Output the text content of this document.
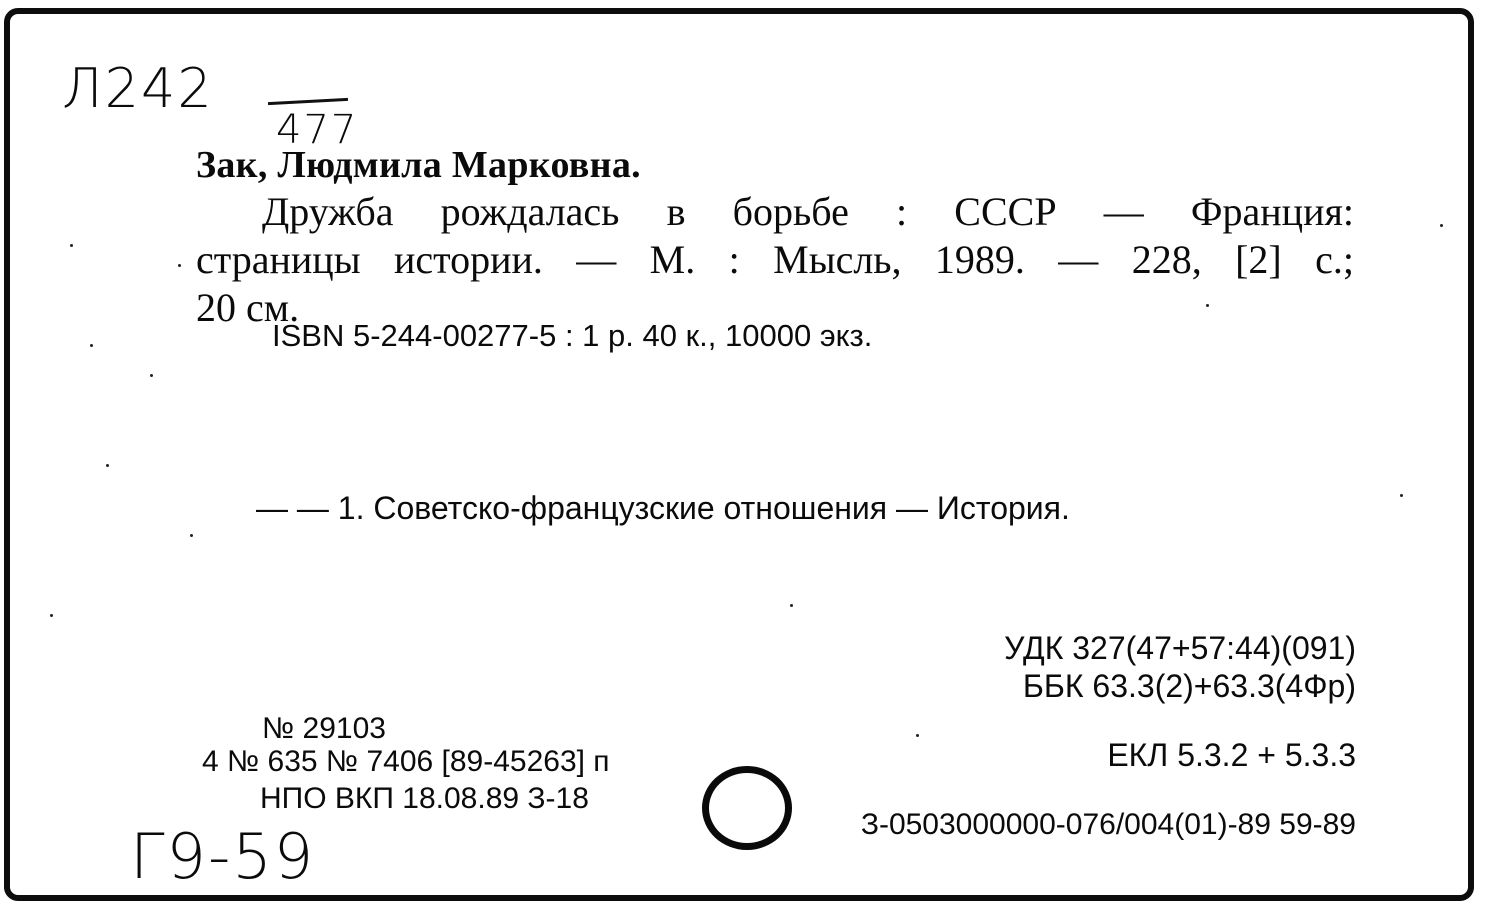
Л242
477
Зак, Людмила Марковна.
Дружба рождалась в борьбе : СССР — Франция:
страницы истории. — М. : Мысль, 1989. — 228, [2] с.;
20 см.
ISBN 5-244-00277-5 : 1 р. 40 к., 10000 экз.
— — 1. Советско-французские отношения — История.
УДК 327(47+57:44)(091)
ББК 63.3(2)+63.3(4Фр)
ЕКЛ 5.3.2 + 5.3.3
З-0503000000-076/004(01)-89 59-89
№ 29103
4 № 635 № 7406 [89-45263] п
НПО ВКП 18.08.89 З-18
Г9-59
